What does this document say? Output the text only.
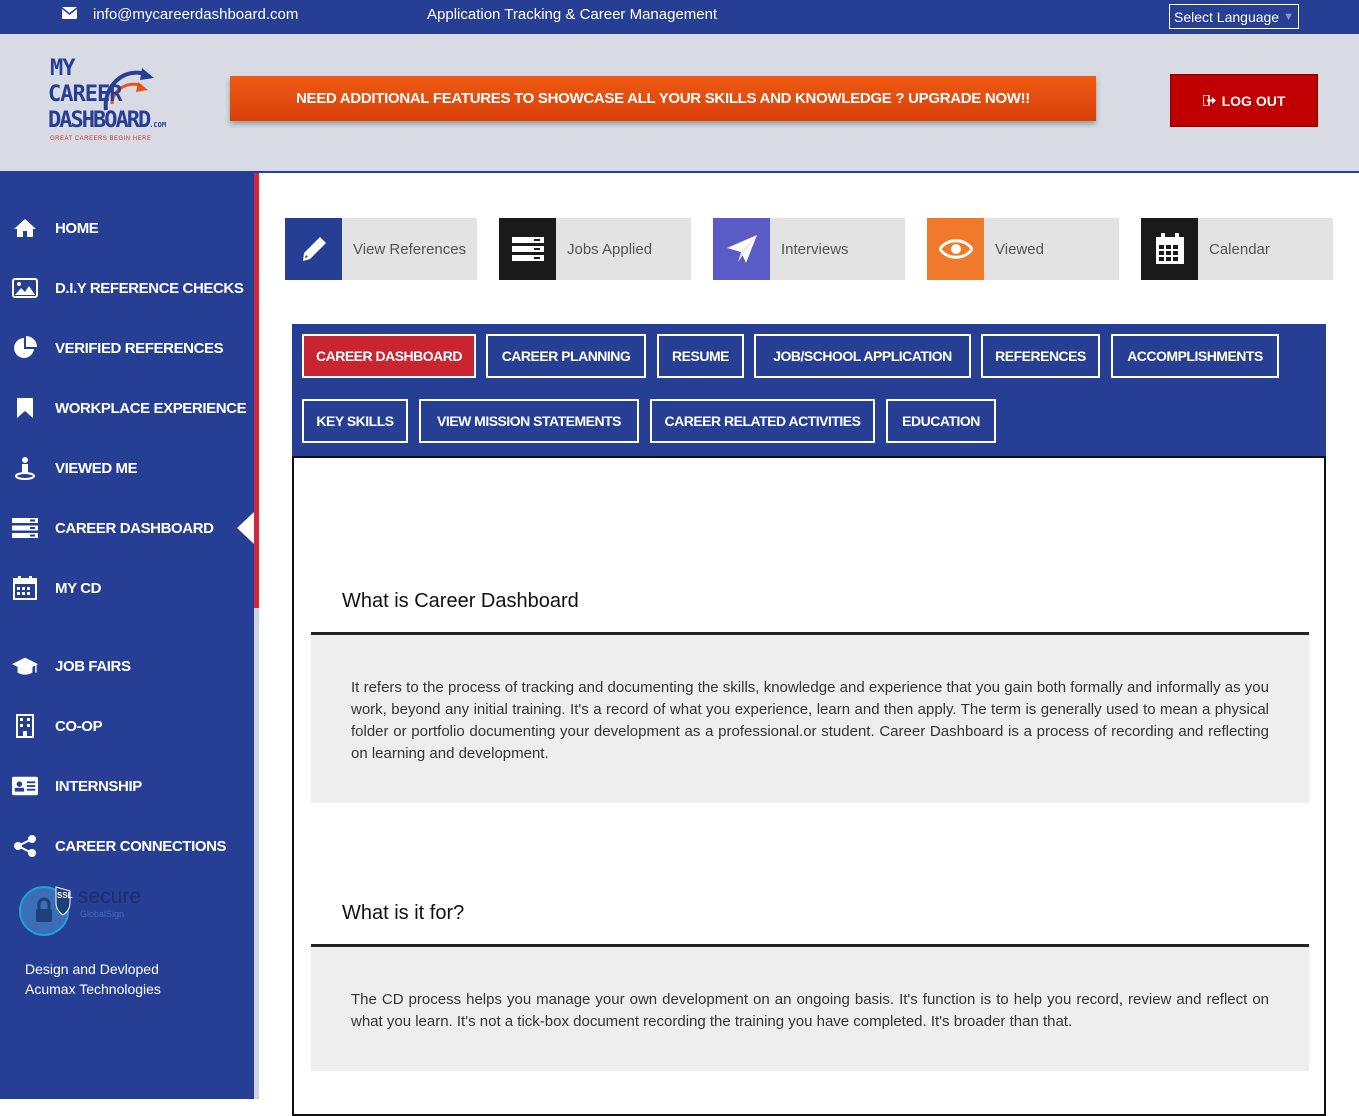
info@mycareerdashboard.com	Application Tracking & Career Management	Select Language ▼
MY
CAREER
DASHBOARD.COM
GREAT CAREERS BEGIN HERE
NEED ADDITIONAL FEATURES TO SHOWCASE ALL YOUR SKILLS AND KNOWLEDGE ? UPGRADE NOW!!	LOG OUT
HOME
D.I.Y REFERENCE CHECKS
VERIFIED REFERENCES
WORKPLACE EXPERIENCE
VIEWED ME
CAREER DASHBOARD
MY CD
JOB FAIRS
CO-OP
INTERNSHIP
CAREER CONNECTIONS
SSL secure
GlobalSign
Design and Devloped
Acumax Technologies
View References	Jobs Applied	Interviews	Viewed	Calendar
CAREER DASHBOARD	CAREER PLANNING	RESUME	JOB/SCHOOL APPLICATION	REFERENCES	ACCOMPLISHMENTS
KEY SKILLS	VIEW MISSION STATEMENTS	CAREER RELATED ACTIVITIES	EDUCATION
What is Career Dashboard

It refers to the process of tracking and documenting the skills, knowledge and experience that you gain both formally and informally as you work, beyond any initial training. It's a record of what you experience, learn and then apply. The term is generally used to mean a physical folder or portfolio documenting your development as a professional.or student. Career Dashboard is a process of recording and reflecting on learning and development.

What is it for?

The CD process helps you manage your own development on an ongoing basis. It's function is to help you record, review and reflect on what you learn. It's not a tick-box document recording the training you have completed. It's broader than that.
